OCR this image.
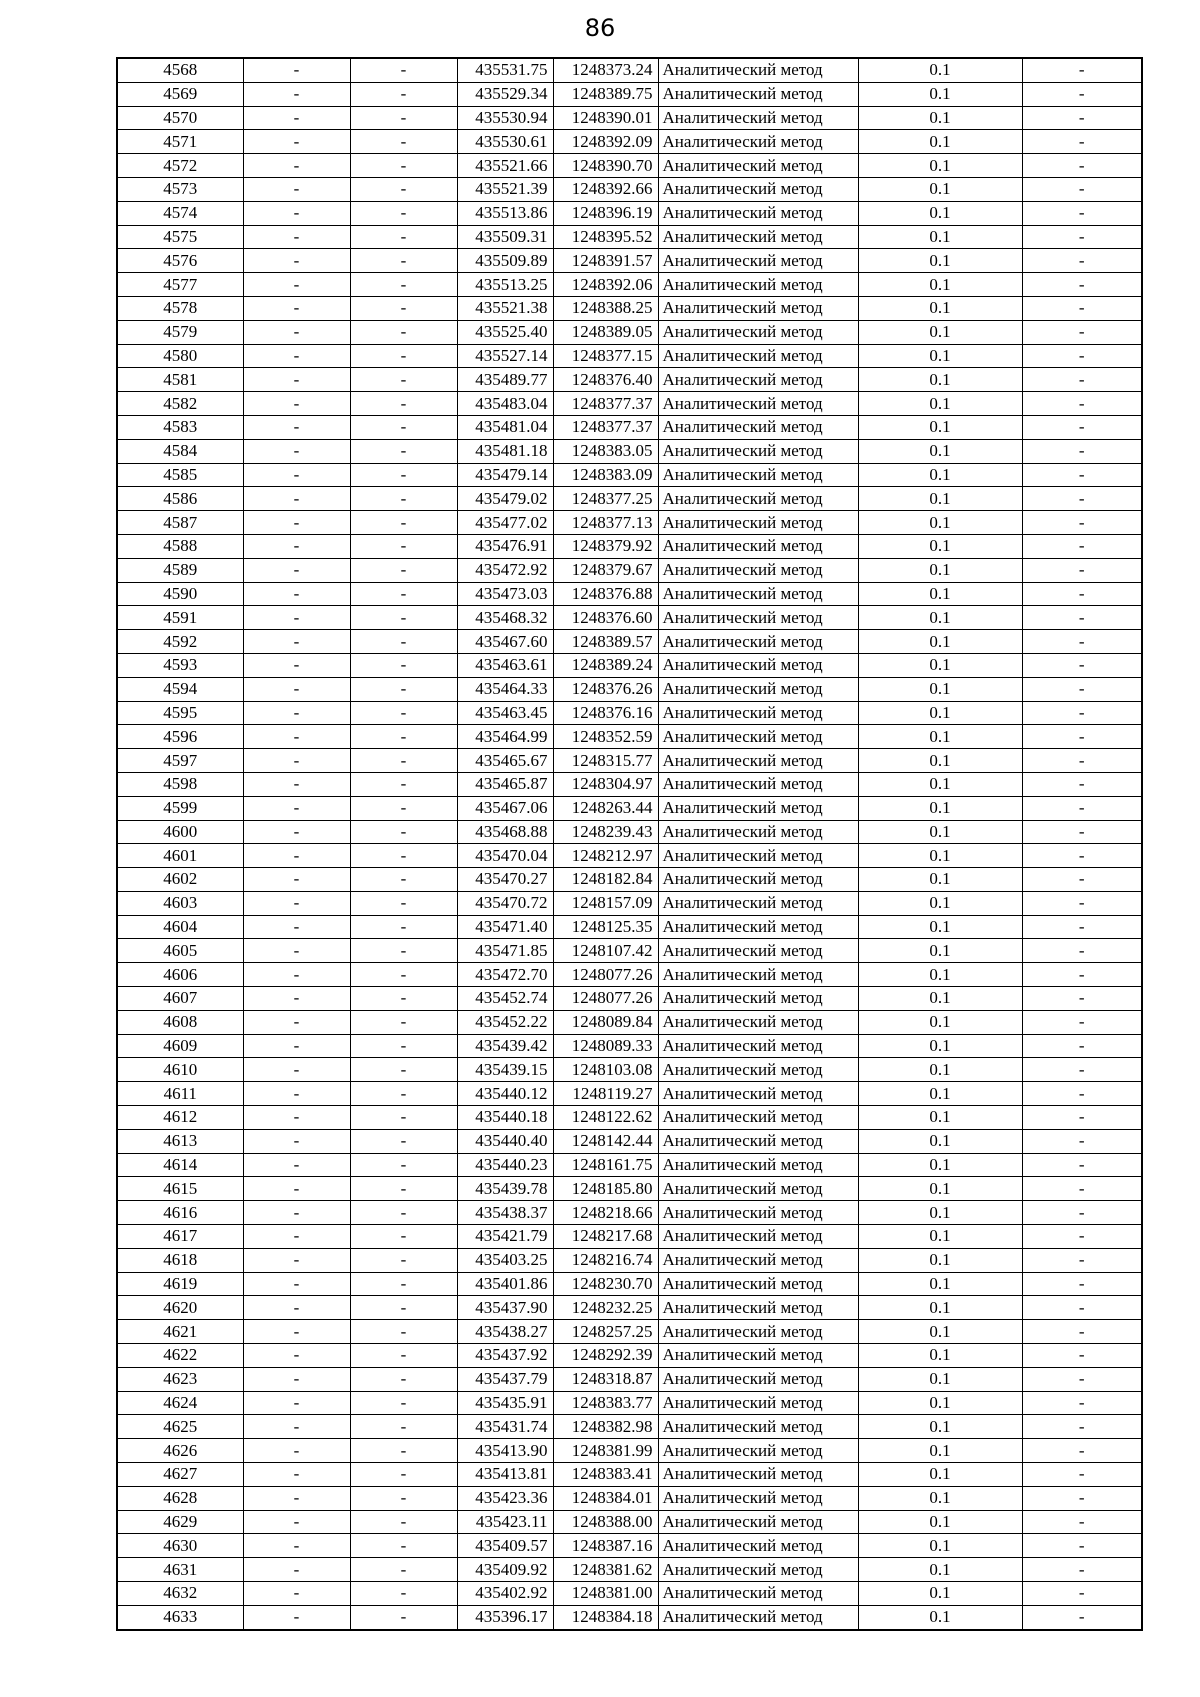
86
4568	-	-	435531.75	1248373.24	Аналитический метод	0.1	-
4569	-	-	435529.34	1248389.75	Аналитический метод	0.1	-
4570	-	-	435530.94	1248390.01	Аналитический метод	0.1	-
4571	-	-	435530.61	1248392.09	Аналитический метод	0.1	-
4572	-	-	435521.66	1248390.70	Аналитический метод	0.1	-
4573	-	-	435521.39	1248392.66	Аналитический метод	0.1	-
4574	-	-	435513.86	1248396.19	Аналитический метод	0.1	-
4575	-	-	435509.31	1248395.52	Аналитический метод	0.1	-
4576	-	-	435509.89	1248391.57	Аналитический метод	0.1	-
4577	-	-	435513.25	1248392.06	Аналитический метод	0.1	-
4578	-	-	435521.38	1248388.25	Аналитический метод	0.1	-
4579	-	-	435525.40	1248389.05	Аналитический метод	0.1	-
4580	-	-	435527.14	1248377.15	Аналитический метод	0.1	-
4581	-	-	435489.77	1248376.40	Аналитический метод	0.1	-
4582	-	-	435483.04	1248377.37	Аналитический метод	0.1	-
4583	-	-	435481.04	1248377.37	Аналитический метод	0.1	-
4584	-	-	435481.18	1248383.05	Аналитический метод	0.1	-
4585	-	-	435479.14	1248383.09	Аналитический метод	0.1	-
4586	-	-	435479.02	1248377.25	Аналитический метод	0.1	-
4587	-	-	435477.02	1248377.13	Аналитический метод	0.1	-
4588	-	-	435476.91	1248379.92	Аналитический метод	0.1	-
4589	-	-	435472.92	1248379.67	Аналитический метод	0.1	-
4590	-	-	435473.03	1248376.88	Аналитический метод	0.1	-
4591	-	-	435468.32	1248376.60	Аналитический метод	0.1	-
4592	-	-	435467.60	1248389.57	Аналитический метод	0.1	-
4593	-	-	435463.61	1248389.24	Аналитический метод	0.1	-
4594	-	-	435464.33	1248376.26	Аналитический метод	0.1	-
4595	-	-	435463.45	1248376.16	Аналитический метод	0.1	-
4596	-	-	435464.99	1248352.59	Аналитический метод	0.1	-
4597	-	-	435465.67	1248315.77	Аналитический метод	0.1	-
4598	-	-	435465.87	1248304.97	Аналитический метод	0.1	-
4599	-	-	435467.06	1248263.44	Аналитический метод	0.1	-
4600	-	-	435468.88	1248239.43	Аналитический метод	0.1	-
4601	-	-	435470.04	1248212.97	Аналитический метод	0.1	-
4602	-	-	435470.27	1248182.84	Аналитический метод	0.1	-
4603	-	-	435470.72	1248157.09	Аналитический метод	0.1	-
4604	-	-	435471.40	1248125.35	Аналитический метод	0.1	-
4605	-	-	435471.85	1248107.42	Аналитический метод	0.1	-
4606	-	-	435472.70	1248077.26	Аналитический метод	0.1	-
4607	-	-	435452.74	1248077.26	Аналитический метод	0.1	-
4608	-	-	435452.22	1248089.84	Аналитический метод	0.1	-
4609	-	-	435439.42	1248089.33	Аналитический метод	0.1	-
4610	-	-	435439.15	1248103.08	Аналитический метод	0.1	-
4611	-	-	435440.12	1248119.27	Аналитический метод	0.1	-
4612	-	-	435440.18	1248122.62	Аналитический метод	0.1	-
4613	-	-	435440.40	1248142.44	Аналитический метод	0.1	-
4614	-	-	435440.23	1248161.75	Аналитический метод	0.1	-
4615	-	-	435439.78	1248185.80	Аналитический метод	0.1	-
4616	-	-	435438.37	1248218.66	Аналитический метод	0.1	-
4617	-	-	435421.79	1248217.68	Аналитический метод	0.1	-
4618	-	-	435403.25	1248216.74	Аналитический метод	0.1	-
4619	-	-	435401.86	1248230.70	Аналитический метод	0.1	-
4620	-	-	435437.90	1248232.25	Аналитический метод	0.1	-
4621	-	-	435438.27	1248257.25	Аналитический метод	0.1	-
4622	-	-	435437.92	1248292.39	Аналитический метод	0.1	-
4623	-	-	435437.79	1248318.87	Аналитический метод	0.1	-
4624	-	-	435435.91	1248383.77	Аналитический метод	0.1	-
4625	-	-	435431.74	1248382.98	Аналитический метод	0.1	-
4626	-	-	435413.90	1248381.99	Аналитический метод	0.1	-
4627	-	-	435413.81	1248383.41	Аналитический метод	0.1	-
4628	-	-	435423.36	1248384.01	Аналитический метод	0.1	-
4629	-	-	435423.11	1248388.00	Аналитический метод	0.1	-
4630	-	-	435409.57	1248387.16	Аналитический метод	0.1	-
4631	-	-	435409.92	1248381.62	Аналитический метод	0.1	-
4632	-	-	435402.92	1248381.00	Аналитический метод	0.1	-
4633	-	-	435396.17	1248384.18	Аналитический метод	0.1	-
